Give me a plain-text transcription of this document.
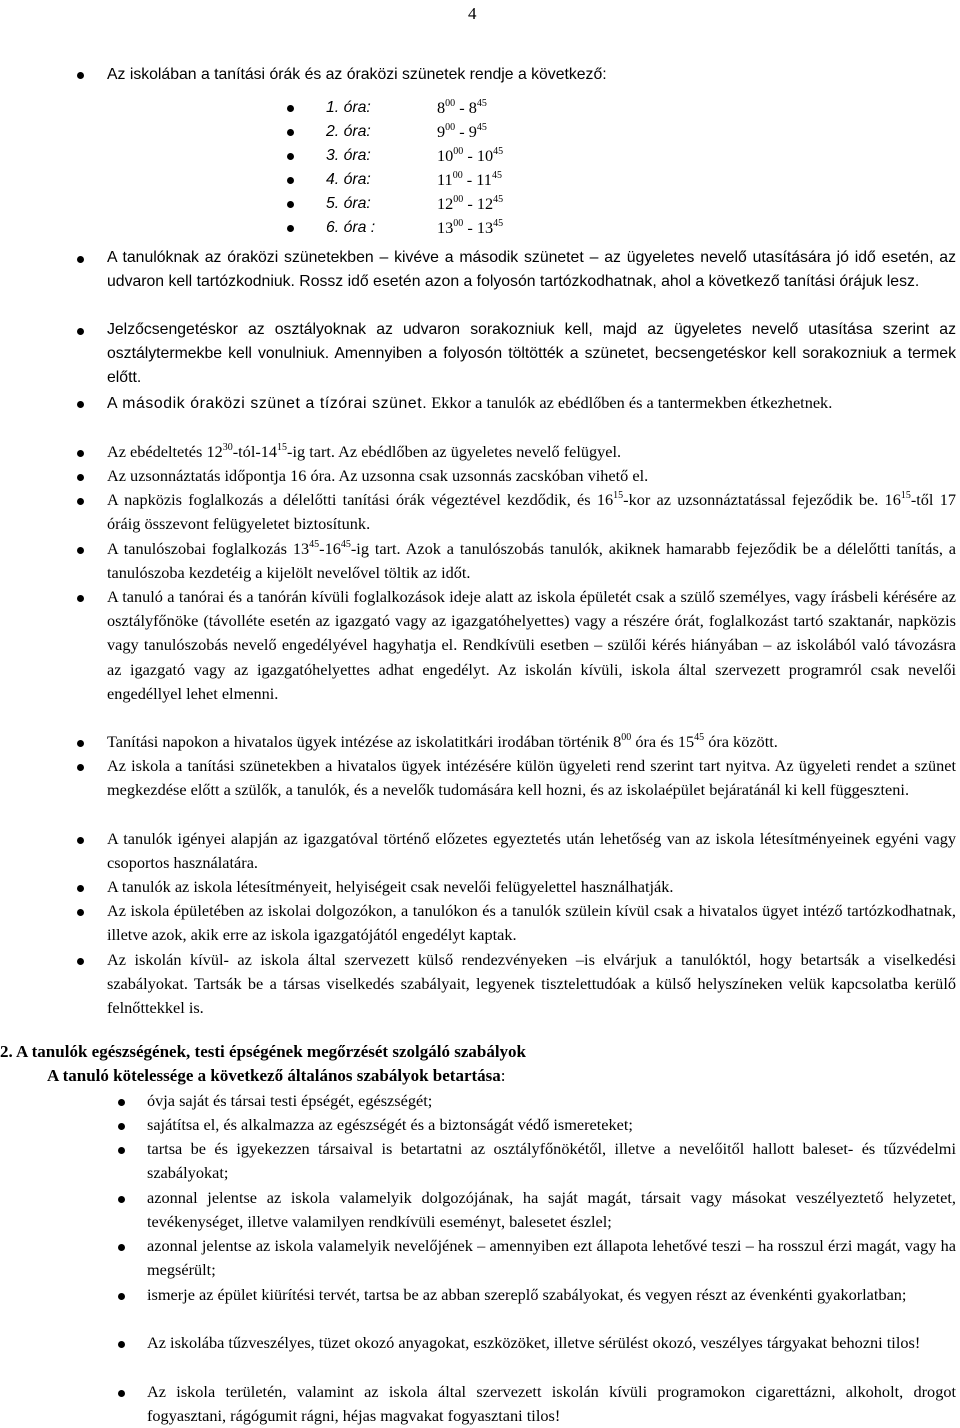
4
Az iskolában a tanítási órák és az óraközi szünetek rendje a következő:
1. óra:	$8^{00} - 8^{45}$
2. óra:	$9^{00} - 9^{45}$
3. óra:	$10^{00} - 10^{45}$
4. óra:	$11^{00} - 11^{45}$
5. óra:	$12^{00} - 12^{45}$
6. óra :	$13^{00} - 13^{45}$
A tanulóknak az óraközi szünetekben – kivéve a második szünetet – az ügyeletes nevelő utasítására jó idő esetén, az udvaron kell tartózkodniuk. Rossz idő esetén azon a folyosón tartózkodhatnak, ahol a következő tanítási órájuk lesz.
Jelzőcsengetéskor az osztályoknak az udvaron sorakozniuk kell, majd az ügyeletes nevelő utasítása szerint az osztálytermekbe kell vonulniuk. Amennyiben a folyosón töltötték a szünetet, becsengetéskor kell sorakozniuk a termek előtt.
A második óraközi szünet a tízórai szünet. Ekkor a tanulók az ebédlőben és a tantermekben étkezhetnek.
Az ebédeltetés $12^{30}-tól-14^{15}-ig$ tart. Az ebédlőben az ügyeletes nevelő felügyel.
Az uzsonnáztatás időpontja 16 óra. Az uzsonna csak uzsonnás zacskóban vihető el.
A napközis foglalkozás a délelőtti tanítási órák végeztével kezdődik, és $16^{15}$-kor az uzsonnáztatással fejeződik be. $16^{15}$-től 17 óráig összevont felügyeletet biztosítunk.
A tanulószobai foglalkozás $13^{45}-16^{45}-ig$ tart. Azok a tanulószobás tanulók, akiknek hamarabb fejeződik be a délelőtti tanítás, a tanulószoba kezdetéig a kijelölt nevelővel töltik az időt.
A tanuló a tanórai és a tanórán kívüli foglalkozások ideje alatt az iskola épületét csak a szülő személyes, vagy írásbeli kérésére az osztályfőnöke (távolléte esetén az igazgató vagy az igazgatóhelyettes) vagy a részére órát, foglalkozást tartó szaktanár, napközis vagy tanulószobás nevelő engedélyével hagyhatja el. Rendkívüli esetben – szülői kérés hiányában – az iskolából való távozásra az igazgató vagy az igazgatóhelyettes adhat engedélyt. Az iskolán kívüli, iskola által szervezett programról csak nevelői engedéllyel lehet elmenni.
Tanítási napokon a hivatalos ügyek intézése az iskolatitkári irodában történik $8^{00}$ óra és $15^{45}$ óra között.
Az iskola a tanítási szünetekben a hivatalos ügyek intézésére külön ügyeleti rend szerint tart nyitva. Az ügyeleti rendet a szünet megkezdése előtt a szülők, a tanulók, és a nevelők tudomására kell hozni, és az iskolaépület bejáratánál ki kell függeszteni.
A tanulók igényei alapján az igazgatóval történő előzetes egyeztetés után lehetőség van az iskola létesítményeinek egyéni vagy csoportos használatára.
A tanulók az iskola létesítményeit, helyiségeit csak nevelői felügyelettel használhatják.
Az iskola épületében az iskolai dolgozókon, a tanulókon és a tanulók szülein kívül csak a hivatalos ügyet intéző tartózkodhatnak, illetve azok, akik erre az iskola igazgatójától engedélyt kaptak.
Az iskolán kívül- az iskola által szervezett külső rendezvényeken –is elvárjuk a tanulóktól, hogy betartsák a viselkedési szabályokat. Tartsák be a társas viselkedés szabályait, legyenek tisztelettudóak a külső helyszíneken velük kapcsolatba kerülő felnőttekkel is.
2. A tanulók egészségének, testi épségének megőrzését szolgáló szabályok
A tanuló kötelessége a következő általános szabályok betartása:
óvja saját és társai testi épségét, egészségét;
sajátítsa el, és alkalmazza az egészségét és a biztonságát védő ismereteket;
tartsa be és igyekezzen társaival is betartatni az osztályfőnökétől, illetve a nevelőitől hallott baleset- és tűzvédelmi szabályokat;
azonnal jelentse az iskola valamelyik dolgozójának, ha saját magát, társait vagy másokat veszélyeztető helyzetet, tevékenységet, illetve valamilyen rendkívüli eseményt, balesetet észlel;
azonnal jelentse az iskola valamelyik nevelőjének – amennyiben ezt állapota lehetővé teszi – ha rosszul érzi magát, vagy ha megsérült;
ismerje az épület kiürítési tervét, tartsa be az abban szereplő szabályokat, és vegyen részt az évenkénti gyakorlatban;
Az iskolába tűzveszélyes, tüzet okozó anyagokat, eszközöket, illetve sérülést okozó, veszélyes tárgyakat behozni tilos!
Az iskola területén, valamint az iskola által szervezett iskolán kívüli programokon cigarettázni, alkoholt, drogot fogyasztani, rágógumit rágni, héjas magvakat fogyasztani tilos!
